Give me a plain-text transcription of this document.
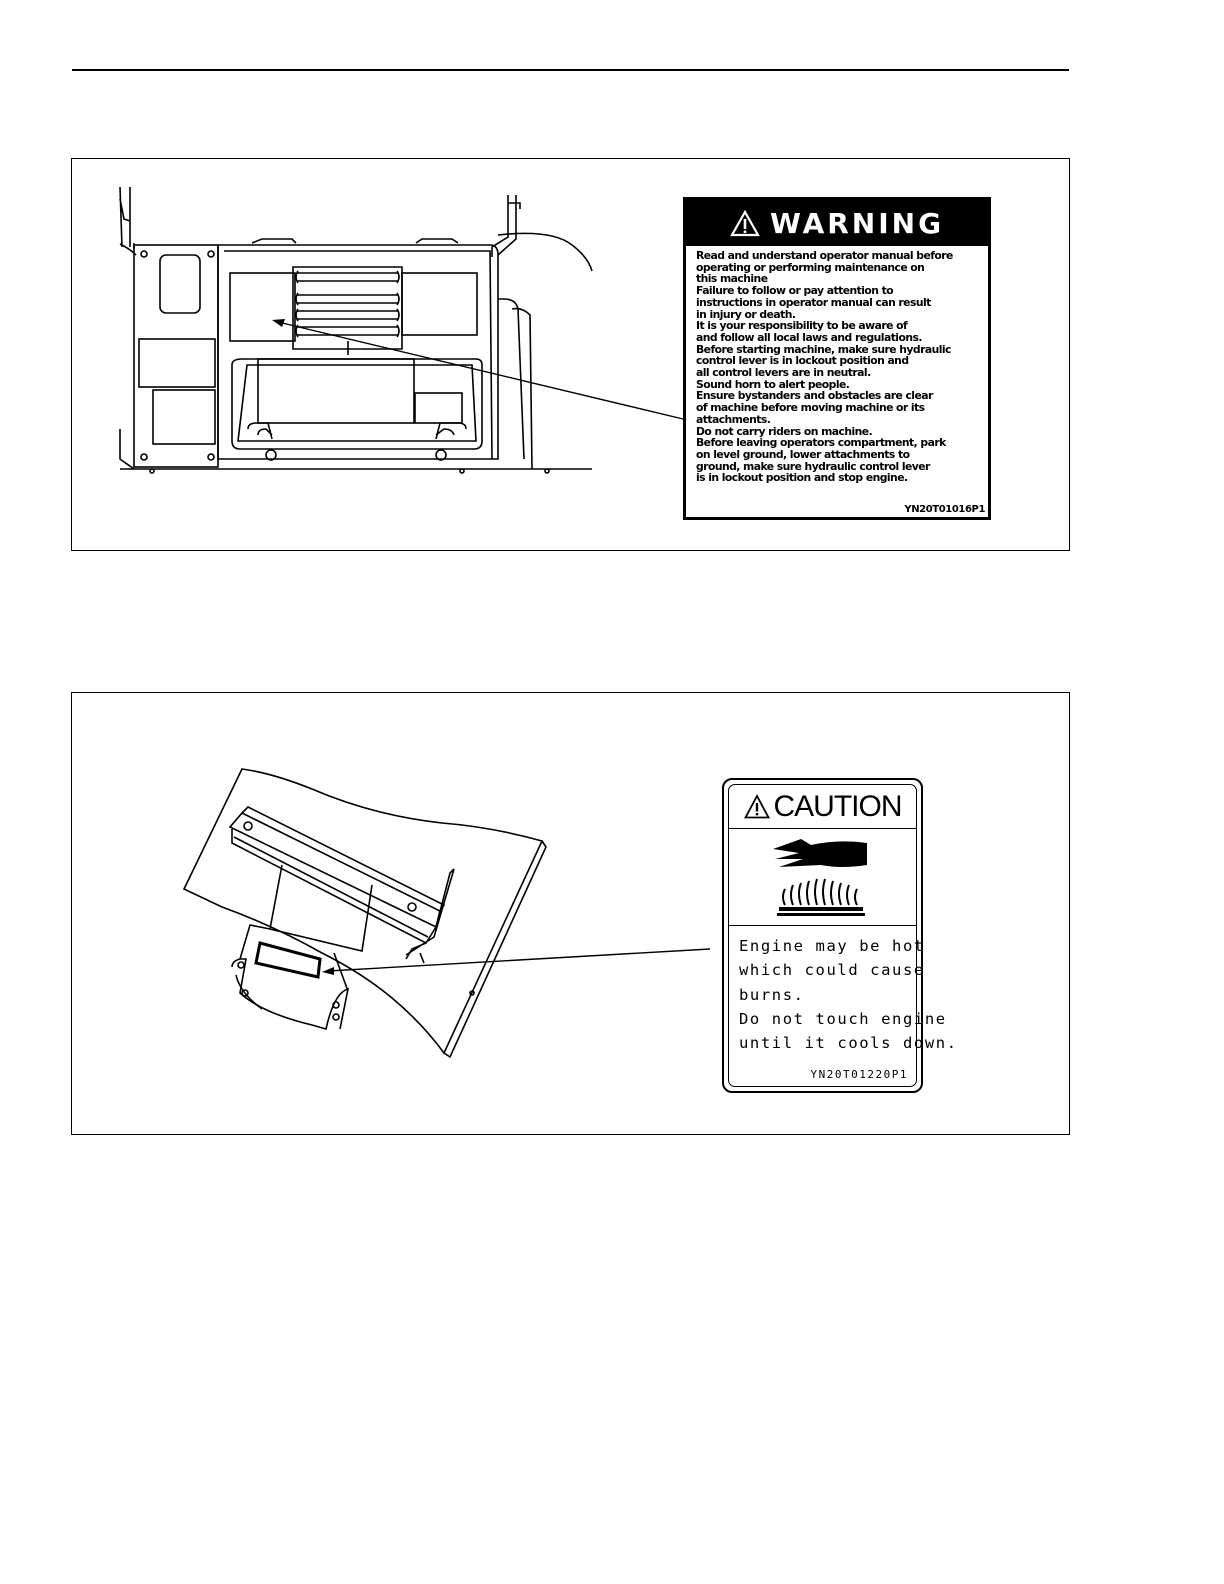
WARNING
Read and understand operator manual before
operating or performing maintenance on
this machine
Failure to follow or pay attention to
instructions in operator manual can result
in injury or death.
It is your responsibility to be aware of
and follow all local laws and regulations.
Before starting machine, make sure hydraulic
control lever is in lockout position and
all control levers are in neutral.
Sound horn to alert people.
Ensure bystanders and obstacles are clear
of machine before moving machine or its
attachments.
Do not carry riders on machine.
Before leaving operators compartment, park
on level ground, lower attachments to
ground, make sure hydraulic control lever
is in lockout position and stop engine.
YN20T01016P1
CAUTION
Engine may be hot
which could cause
burns.
Do not touch engine
until it cools down.
YN20T01220P1
